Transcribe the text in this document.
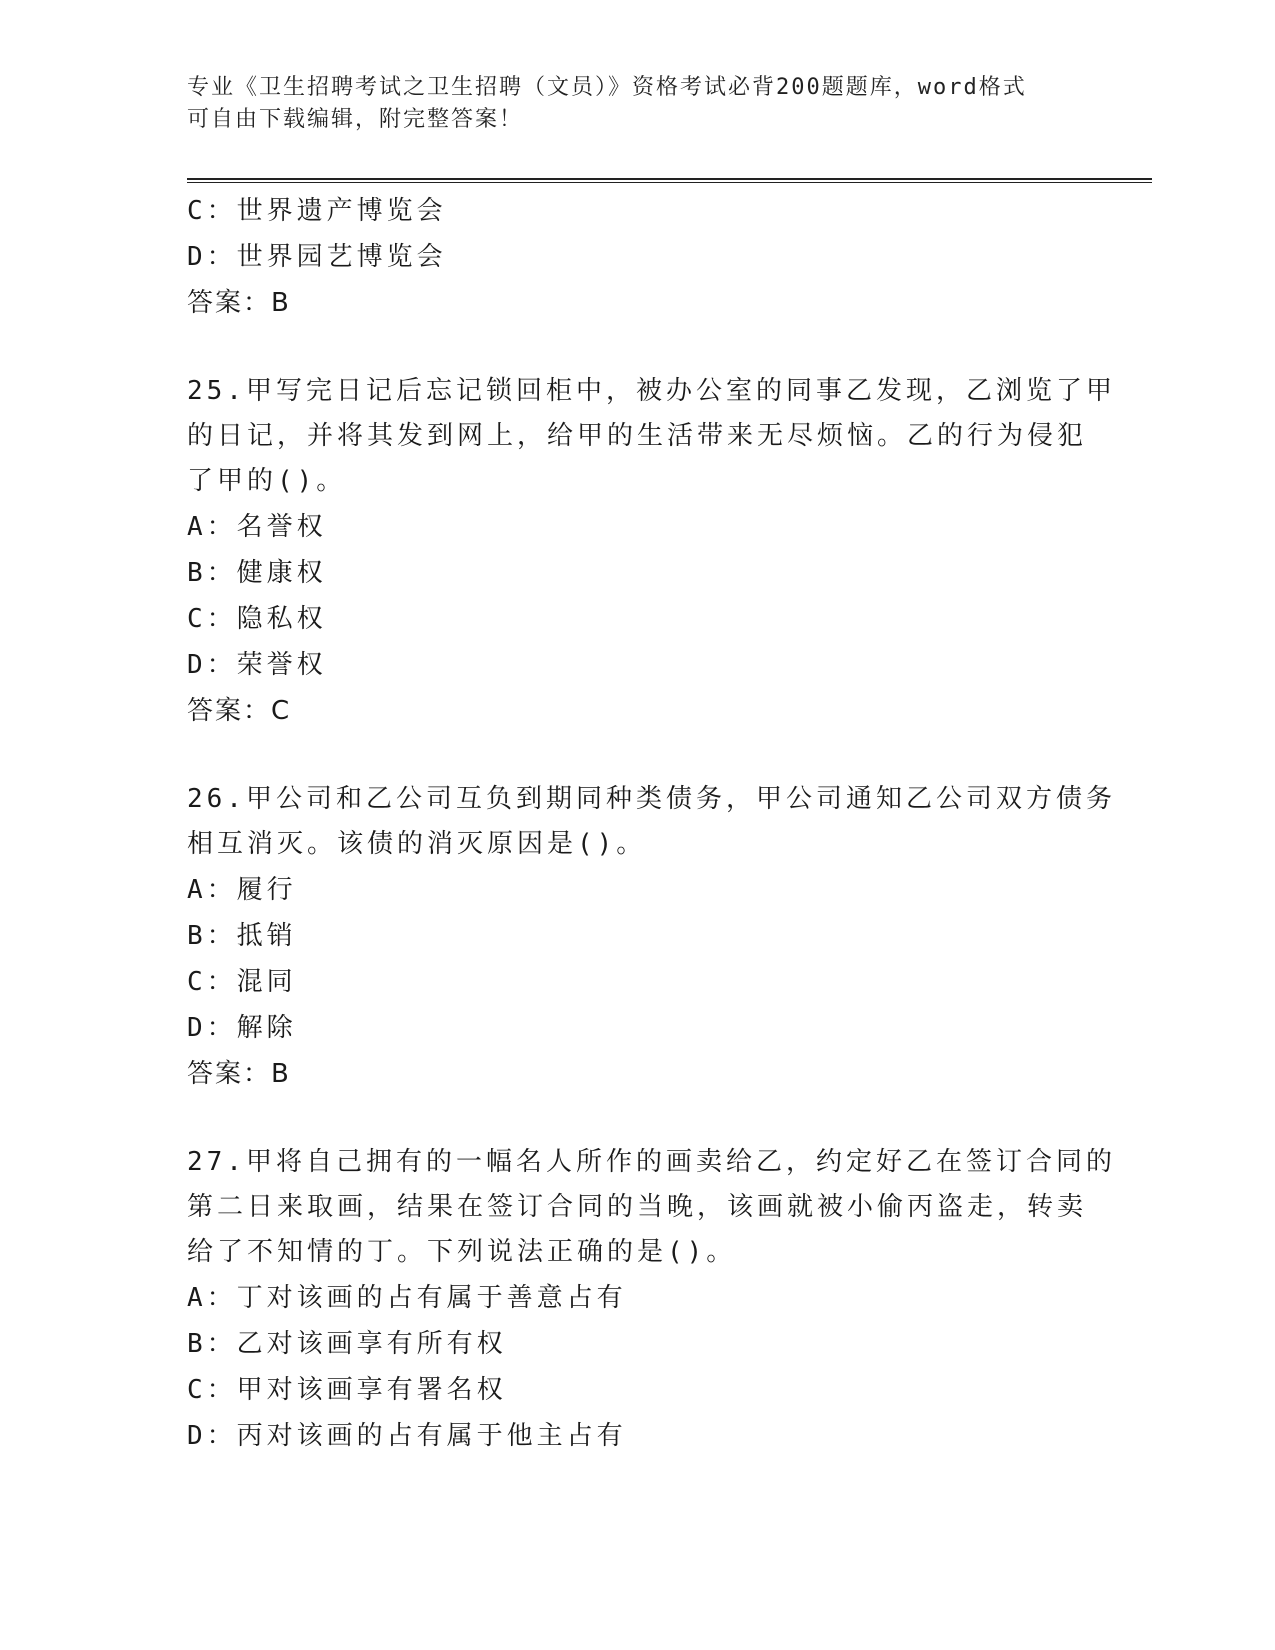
专业《卫生招聘考试之卫生招聘（文员）》资格考试必背200题题库，word格式
可自由下载编辑，附完整答案！
C：世界遗产博览会
D：世界园艺博览会
答案：B
25.甲写完日记后忘记锁回柜中，被办公室的同事乙发现，乙浏览了甲
的日记，并将其发到网上，给甲的生活带来无尽烦恼。乙的行为侵犯
了甲的()。
A：名誉权
B：健康权
C：隐私权
D：荣誉权
答案：C
26.甲公司和乙公司互负到期同种类债务，甲公司通知乙公司双方债务
相互消灭。该债的消灭原因是()。
A：履行
B：抵销
C：混同
D：解除
答案：B
27.甲将自己拥有的一幅名人所作的画卖给乙，约定好乙在签订合同的
第二日来取画，结果在签订合同的当晚，该画就被小偷丙盗走，转卖
给了不知情的丁。下列说法正确的是()。
A：丁对该画的占有属于善意占有
B：乙对该画享有所有权
C：甲对该画享有署名权
D：丙对该画的占有属于他主占有
